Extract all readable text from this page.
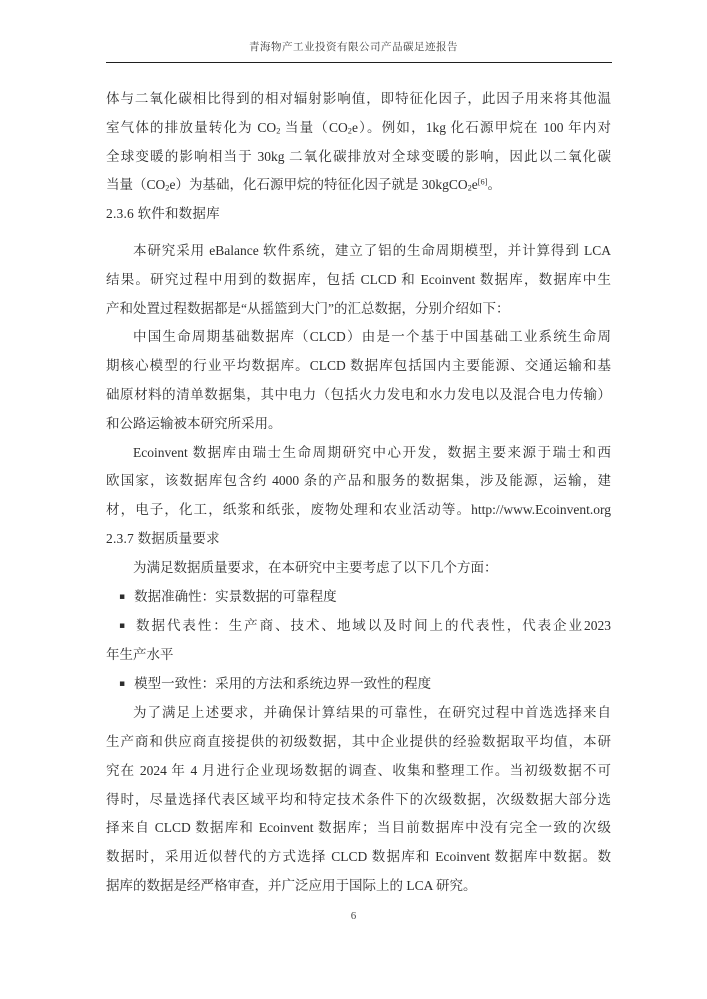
青海物产工业投资有限公司产品碳足迹报告
体与二氧化碳相比得到的相对辐射影响值，即特征化因子，此因子用来将其他温
室气体的排放量转化为 $CO_2$ 当量$(CO_2e)$。例如，1kg 化石源甲烷在 100 年内对
全球变暖的影响相当于 30kg 二氧化碳排放对全球变暖的影响，因此以二氧化碳
当量$(CO_2e)$为基础，化石源甲烷的特征化因子就是 30kgCO$_2$e[6]。
2.3.6 软件和数据库
本研究采用 eBalance 软件系统，建立了铝的生命周期模型，并计算得到 LCA
结果。研究过程中用到的数据库，包括 CLCD 和 Ecoinvent 数据库，数据库中生
产和处置过程数据都是“从摇篮到大门”的汇总数据，分别介绍如下：
中国生命周期基础数据库（CLCD）由是一个基于中国基础工业系统生命周
期核心模型的行业平均数据库。CLCD 数据库包括国内主要能源、交通运输和基
础原材料的清单数据集，其中电力（包括火力发电和水力发电以及混合电力传输）
和公路运输被本研究所采用。
Ecoinvent 数据库由瑞士生命周期研究中心开发，数据主要来源于瑞士和西
欧国家，该数据库包含约 4000 条的产品和服务的数据集，涉及能源，运输，建
材，电子，化工，纸浆和纸张，废物处理和农业活动等。http://www.Ecoinvent.org
2.3.7 数据质量要求
为满足数据质量要求，在本研究中主要考虑了以下几个方面：
▪ 数据准确性：实景数据的可靠程度
▪ 数据代表性：生产商、技术、地域以及时间上的代表性，代表企业2023
年生产水平
▪ 模型一致性：采用的方法和系统边界一致性的程度
为了满足上述要求，并确保计算结果的可靠性，在研究过程中首选选择来自
生产商和供应商直接提供的初级数据，其中企业提供的经验数据取平均值，本研
究在 2024 年 4 月进行企业现场数据的调查、收集和整理工作。当初级数据不可
得时，尽量选择代表区域平均和特定技术条件下的次级数据，次级数据大部分选
择来自 CLCD 数据库和 Ecoinvent 数据库；当目前数据库中没有完全一致的次级
数据时，采用近似替代的方式选择 CLCD 数据库和 Ecoinvent 数据库中数据。数
据库的数据是经严格审查，并广泛应用于国际上的 LCA 研究。
6
